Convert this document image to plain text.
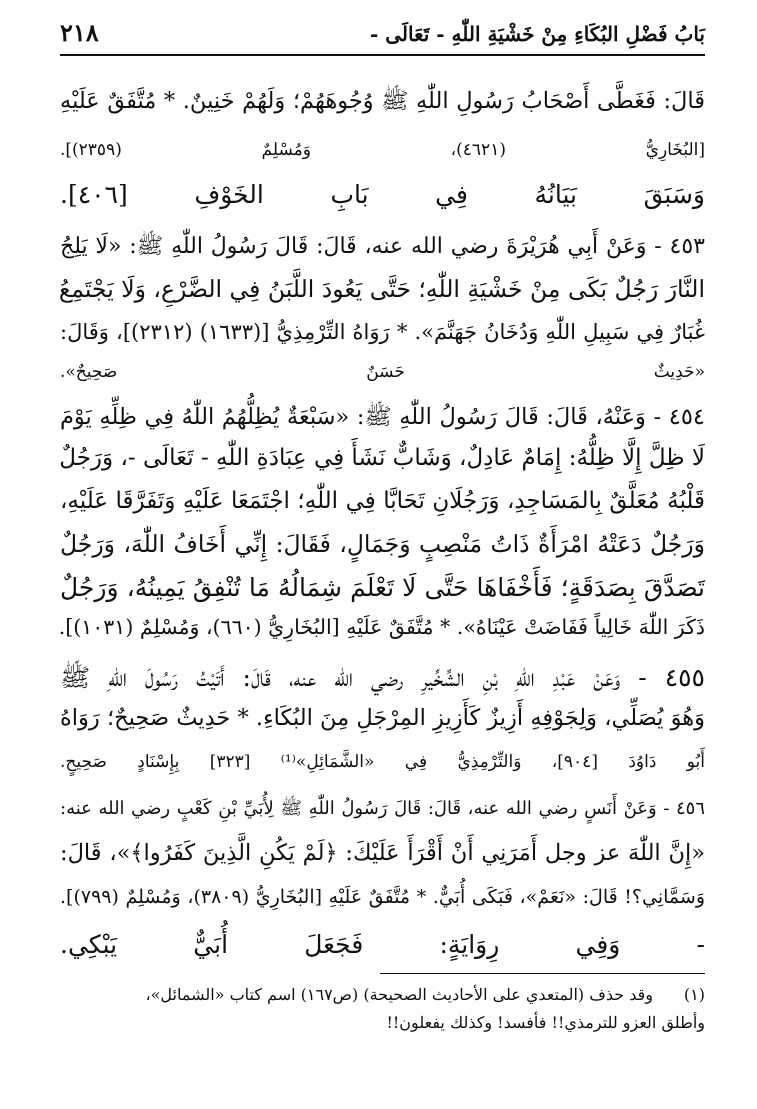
بَابُ فَضْلِ البُكَاءِ مِنْ خَشْيَةِ اللّٰهِ - تَعَالَى -
٢١٨
قَالَ: فَغَطَّى أَصْحَابُ رَسُولِ اللّٰهِ ﷺ وُجُوهَهُمْ؛ وَلَهُمْ خَنِينٌ. * مُتَّفَقٌ عَلَيْهِ
[البُخَارِيُّ (٤٦٢١)، وَمُسْلِمٌ (٢٣٥٩)].
وَسَبَقَ بَيَانُهُ فِي بَابِ الخَوْفِ [٤٠٦].
٤٥٣ - وَعَنْ أَبِي هُرَيْرَةَ رضي الله عنه، قَالَ: قَالَ رَسُولُ اللّٰهِ ﷺ: «لَا يَلِجُ
النَّارَ رَجُلٌ بَكَى مِنْ خَشْيَةِ اللّٰهِ؛ حَتَّى يَعُودَ اللَّبَنُ فِي الضَّرْعِ، وَلَا يَجْتَمِعُ
غُبَارٌ فِي سَبِيلِ اللّٰهِ وَدُخَانُ جَهَنَّمَ». * رَوَاهُ التِّرْمِذِيُّ [(١٦٣٣) (٢٣١٢)]، وَقَالَ:
«حَدِيثٌ حَسَنٌ صَحِيحٌ».
٤٥٤ - وَعَنْهُ، قَالَ: قَالَ رَسُولُ اللّٰهِ ﷺ: «سَبْعَةٌ يُظِلُّهُمُ اللّٰهُ فِي ظِلِّهِ يَوْمَ
لَا ظِلَّ إِلَّا ظِلُّهُ: إِمَامٌ عَادِلٌ، وَشَابٌّ نَشَأَ فِي عِبَادَةِ اللّٰهِ - تَعَالَى -، وَرَجُلٌ
قَلْبُهُ مُعَلَّقٌ بِالمَسَاجِدِ، وَرَجُلَانِ تَحَابَّا فِي اللّٰهِ؛ اجْتَمَعَا عَلَيْهِ وَتَفَرَّقَا عَلَيْهِ،
وَرَجُلٌ دَعَتْهُ امْرَأَةٌ ذَاتُ مَنْصِبٍ وَجَمَالٍ، فَقَالَ: إِنِّي أَخَافُ اللّٰهَ، وَرَجُلٌ
تَصَدَّقَ بِصَدَقَةٍ؛ فَأَخْفَاهَا حَتَّى لَا تَعْلَمَ شِمَالُهُ مَا تُنْفِقُ يَمِينُهُ، وَرَجُلٌ
ذَكَرَ اللّٰهَ خَالِياً فَفَاضَتْ عَيْنَاهُ». * مُتَّفَقٌ عَلَيْهِ [البُخَارِيُّ (٦٦٠)، وَمُسْلِمٌ (١٠٣١)].
٤٥٥ - وَعَنْ عَبْدِ اللّٰهِ بْنِ الشِّخِّيرِ رضي الله عنه، قَالَ: أَتَيْتُ رَسُولَ اللّٰهِ ﷺ
وَهُوَ يُصَلِّي، وَلِجَوْفِهِ أَزِيزٌ كَأَزِيزِ المِرْجَلِ مِنَ البُكَاءِ. * حَدِيثٌ صَحِيحٌ؛ رَوَاهُ
أَبُو دَاوُدَ [٩٠٤]، وَالتِّرْمِذِيُّ فِي «الشَّمَائِلِ»⁽¹⁾ [٣٢٣] بِإِسْنَادٍ صَحِيحٍ.
٤٥٦ - وَعَنْ أَنَسٍ رضي الله عنه، قَالَ: قَالَ رَسُولُ اللّٰهِ ﷺ لِأُبَيِّ بْنِ كَعْبٍ رضي الله عنه:
«إِنَّ اللّٰهَ عز وجل أَمَرَنِي أَنْ أَقْرَأَ عَلَيْكَ: ﴿لَمْ يَكُنِ الَّذِينَ كَفَرُوا﴾»، قَالَ:
وَسَمَّانِي؟! قَالَ: «نَعَمْ»، فَبَكَى أُبَيٌّ. * مُتَّفَقٌ عَلَيْهِ [البُخَارِيُّ (٣٨٠٩)، وَمُسْلِمٌ (٧٩٩)].
- وَفِي رِوَايَةٍ: فَجَعَلَ أُبَيٌّ يَبْكِي.
(١)
وقد حذف (المتعدي على الأحاديث الصحيحة) (ص١٦٧) اسم كتاب «الشمائل»،
وأطلق العزو للترمذي!! فأفسد! وكذلك يفعلون!!
